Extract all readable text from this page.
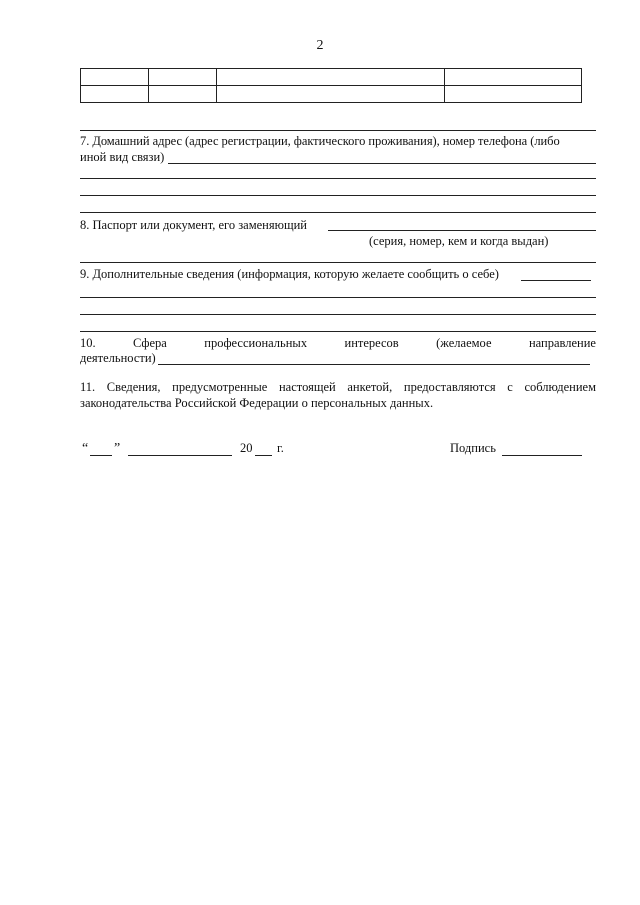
2

7. Домашний адрес (адрес регистрации, фактического проживания), номер телефона (либо
иной вид связи)
8. Паспорт или документ, его заменяющий
(серия, номер, кем и когда выдан)
9. Дополнительные сведения (информация, которую желаете сообщить о себе)
10.	Сфера	профессиональных	интересов	(желаемое	направление
деятельности)
11. Сведения, предусмотренные настоящей анкетой, предоставляются с соблюдением
законодательства Российской Федерации о персональных данных.
“ ”	20 г.	Подпись
